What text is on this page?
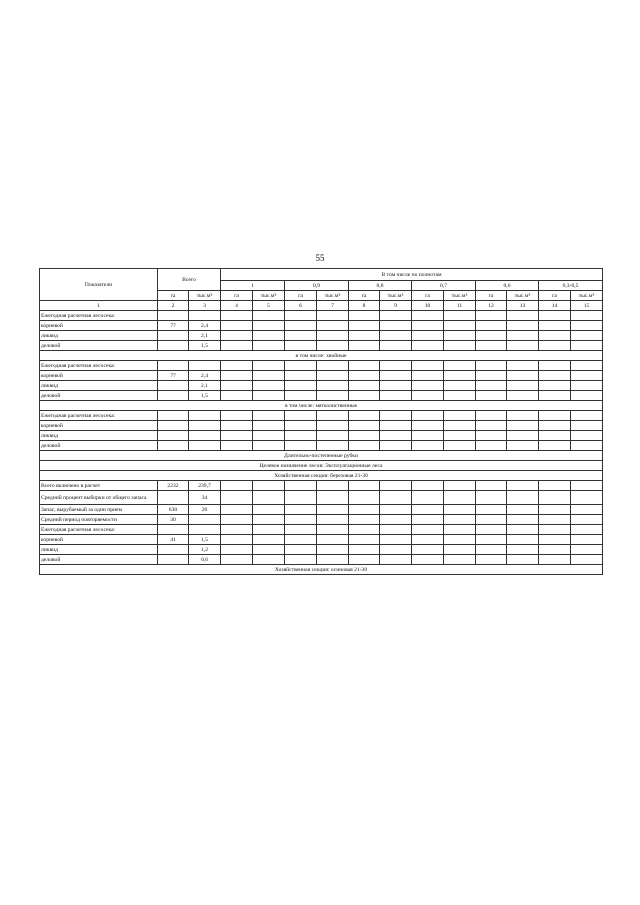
55
Показатели	Всего		В том числе по полнотам											
			1		0,9		0,8		0,7		0,6		0,3-0,5	
	га	$тыс.м^3$	га	$тыс.м^3$	га	$тыс.м^3$	га	$тыс.м^3$	га	$тыс.м^3$	га	$тыс.м^3$	га	$тыс.м^3$
1	2	3	4	5	6	7	8	9	10	11	12	13	14	15
Ежегодная расчетная лесосека:														
корневой	77	2,4												
ликвид		2,1												
деловой		1,5												
в том числе: хвойные														
Ежегодная расчетная лесосека:														
корневой	77	2,4												
ликвид		2,1												
деловой		1,5												
в том числе: мягколиственные														
Ежегодная расчетная лесосека:														
корневой														
ликвид														
деловой														
Длительно-постепенные рубки														
Целевое назначение лесов: Эксплуатационные леса														
Хозяйственная секция: березовая 21-30														
Всего включено в расчет	2232	239,7												
Средний процент выборки от общего запаса		34												
Запас, вырубаемый за один прием	630	20												
Средний период повторяемости	30													
Ежегодная расчетная лесосека:														
корневой	41	1,5												
ликвид		1,2												
деловой		0,6												
Хозяйственная секция: осиновая 21-30														
